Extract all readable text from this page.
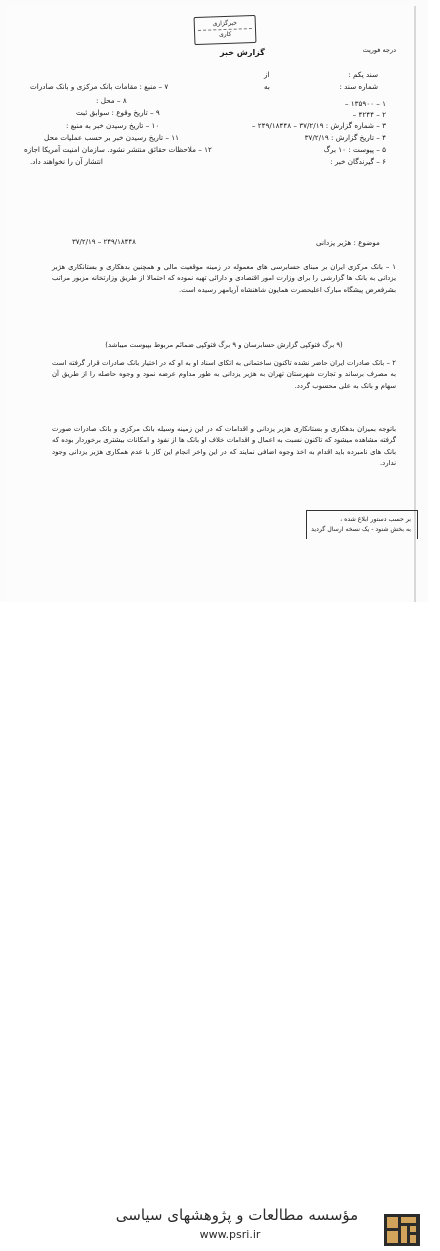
خبرگزاری
کاری
درجه فوریت
گزارش خبر
سند یکم :
شماره سند :
۱ – ۱۳۵۹۰۰ –
۲ – ۴۲۴۴ –
۳ – شماره گزارش : ۳۷/۲/۱۹ – ۲۴۹/۱۸۴۴۸ –
۴ – تاریخ گزارش : ۳۷/۲/۱۹
۵ – پیوست : ۱۰ برگ
۶ – گیرندگان خبر :
از
به
۷ – منبع : مقامات بانک مرکزی و بانک صادرات
۸ – محل :
۹ – تاریخ وقوع : سوابق ثبت
۱۰ – تاریخ رسیدن خبر به منبع :
۱۱ – تاریخ رسیدن خبر بر حسب عملیات محل
۱۲ – ملاحظات حقائق منتشر نشود. سازمان امنیت آمریکا اجازه
انتشار آن را نخواهند داد.
۳۷/۲/۱۹ – ۲۴۹/۱۸۴۴۸	موضوع : هژبر یزدانی
۱ – بانک مرکزی ایران بر مبنای حسابرسی های معموله در زمینه موقعیت مالی و همچنین بدهکاری و بستانکاری هژبر یزدانی به بانک ها گزارشی را برای وزارت امور اقتصادی و دارائی تهیه نموده که احتمالا از طریق وزارتخانه مزبور مراتب بشرفعرض پیشگاه مبارک اعلیحضرت همایون شاهنشاه آریامهر رسیده است.
(۹ برگ فتوکپی گزارش حسابرسان و ۹ برگ فتوکپی ضمائم مربوط بپیوست میباشد)
۲ – بانک صادرات ایران حاضر نشده تاکنون ساختمانی به اتکای اسناد او به او که در اختیار بانک صادرات قرار گرفته است به مصرف برساند و تجارت شهرستان تهران به هژبر یزدانی به طور مداوم عرضه نمود و وجوه حاصله را از طریق آن سهام و بانک به علی محسوب گردد.
باتوجه بمیزان بدهکاری و بستانکاری هژبر یزدانی و اقدامات که در این زمینه وسیله بانک مرکزی و بانک صادرات صورت گرفته مشاهده میشود که تاکنون نسبت به اعمال و اقدامات خلاف او بانک ها از نفوذ و امکانات بیشتری برخوردار بوده که بانک های نامبرده باید اقدام به اخذ وجوه اضافی نمایند که در این واخر انجام این کار با عدم همکاری هژبر یزدانی وجود ندارد.
بر حسب دستور ابلاغ شده ،
به بخش شنود - یک نسخه ارسال گردید
مؤسسه مطالعات و پژوهشهای سیاسی
www.psri.ir
